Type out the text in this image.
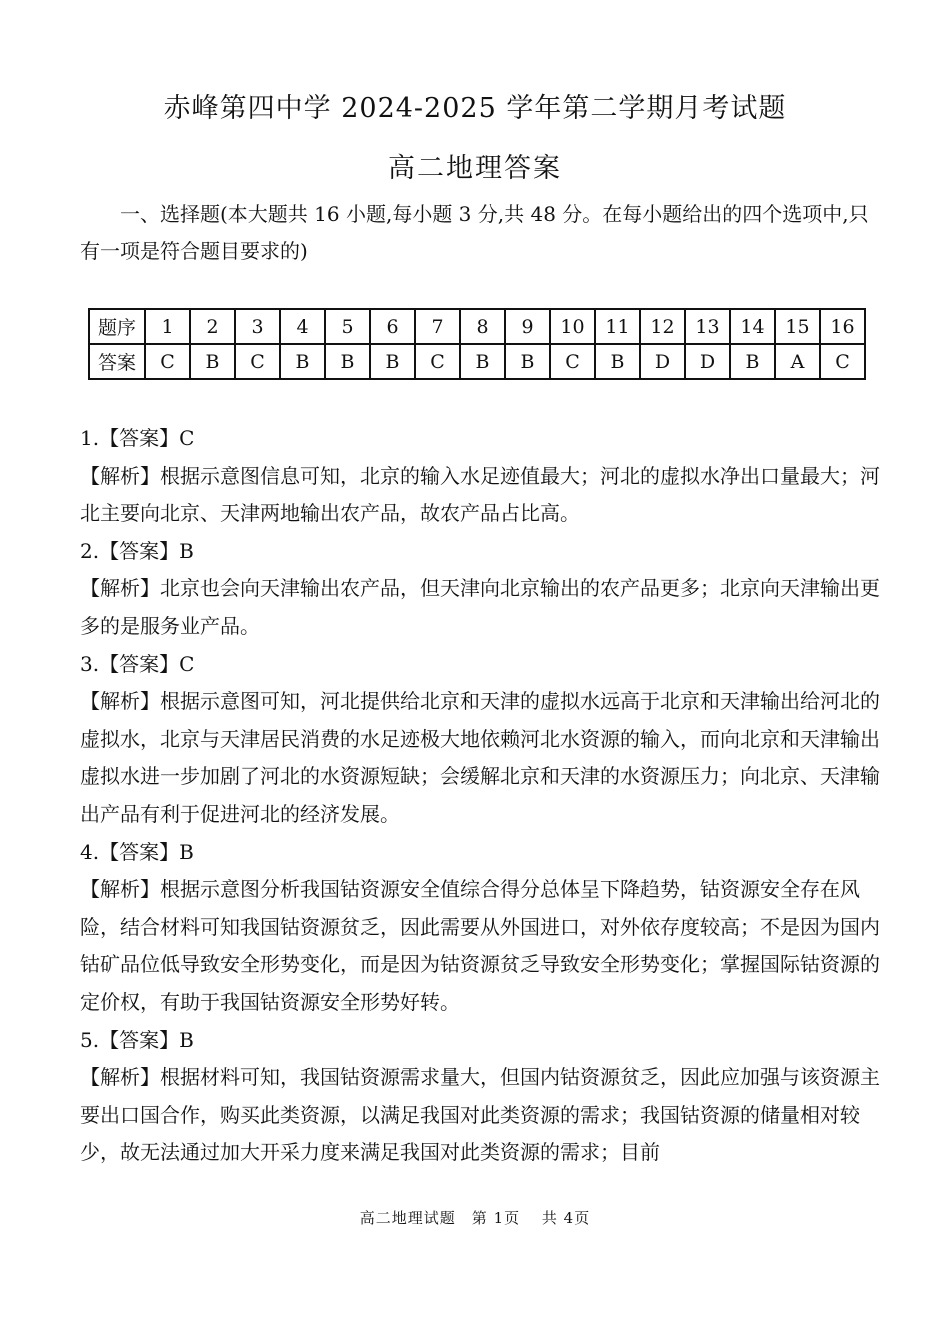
赤峰第四中学 2024-2025 学年第二学期月考试题
高二地理答案
一、选择题(本大题共 16 小题,每小题 3 分,共 48 分。在每小题给出的四个选项中,只有一项是符合题目要求的)
题序	1	2	3	4	5	6	7	8	9	10	11	12	13	14	15	16
答案	C	B	C	B	B	B	C	B	B	C	B	D	D	B	A	C

1.【答案】C

【解析】根据示意图信息可知，北京的输入水足迹值最大；河北的虚拟水净出口量最大；河北主要向北京、天津两地输出农产品，故农产品占比高。

2.【答案】B

【解析】北京也会向天津输出农产品，但天津向北京输出的农产品更多；北京向天津输出更多的是服务业产品。

3.【答案】C

【解析】根据示意图可知，河北提供给北京和天津的虚拟水远高于北京和天津输出给河北的虚拟水，北京与天津居民消费的水足迹极大地依赖河北水资源的输入，而向北京和天津输出虚拟水进一步加剧了河北的水资源短缺；会缓解北京和天津的水资源压力；向北京、天津输出产品有利于促进河北的经济发展。

4.【答案】B

【解析】根据示意图分析我国钴资源安全值综合得分总体呈下降趋势，钴资源安全存在风险，结合材料可知我国钴资源贫乏，因此需要从外国进口，对外依存度较高；不是因为国内钴矿品位低导致安全形势变化，而是因为钴资源贫乏导致安全形势变化；掌握国际钴资源的定价权，有助于我国钴资源安全形势好转。

5.【答案】B

【解析】根据材料可知，我国钴资源需求量大，但国内钴资源贫乏，因此应加强与该资源主要出口国合作，购买此类资源，以满足我国对此类资源的需求；我国钴资源的储量相对较少，故无法通过加大开采力度来满足我国对此类资源的需求；目前

高二地理试题　第 1页　 共 4页
